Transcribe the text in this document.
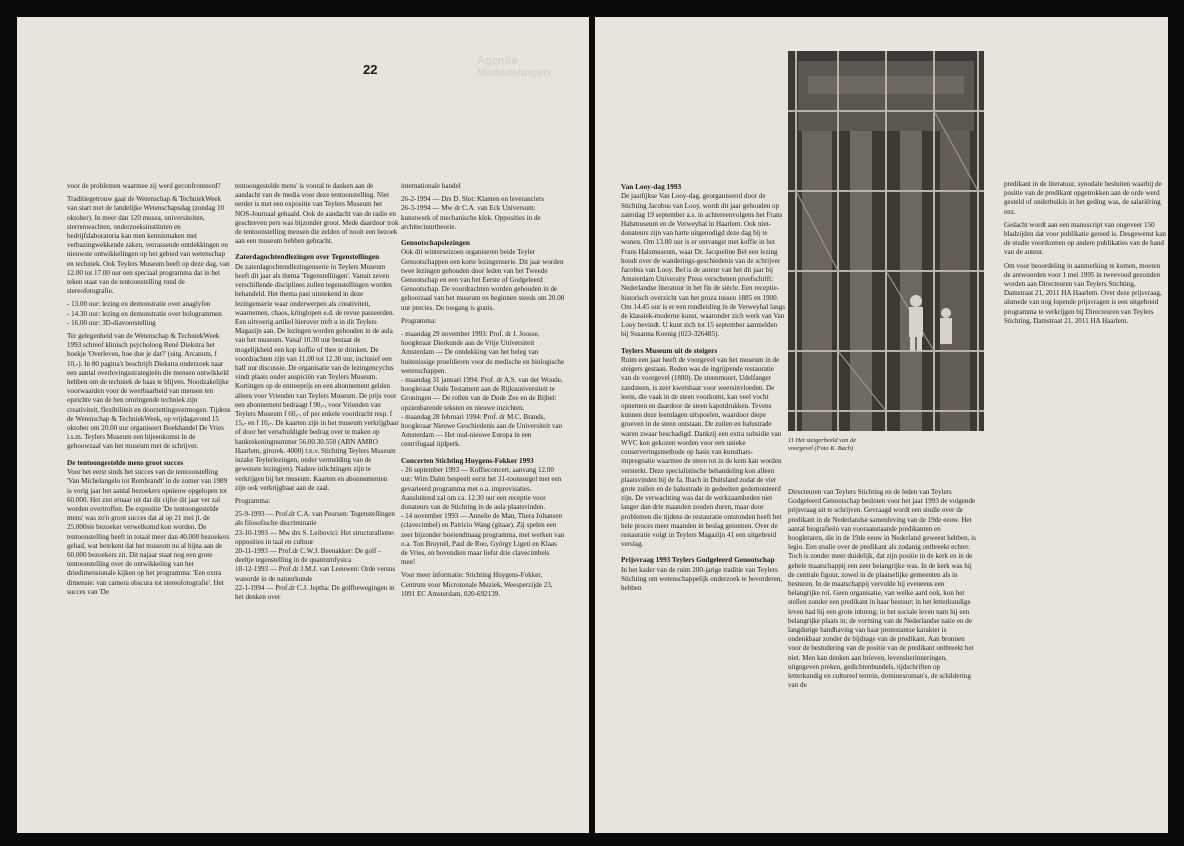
Agenda
Mededelingen
22

voor de problemen waarmee zij werd geconfronteerd?

Traditiegetrouw gaat de Wetenschap & TechniekWeek van start met de landelijke Wetenschapsdag (zondag 10 oktober). In meer dan 120 musea, universiteiten, sterrenwachten, onderzoeksinstituten en bedrijfslaboratoria kan men kennismaken met verbazingwekkende zaken, verrassende ontdekkingen en nieuwste ontwikkelingen op het gebied van wetenschap en techniek. Ook Teylers Museum heeft op deze dag, van 12.00 tot 17.00 uur een speciaal programma dat in het teken staat van de tentoonstelling rond de stereofotografie.

- 13.00 uur: lezing en demonstratie over anaglyfen
- 14.30 uur: lezing en demonstratie over hologrammen
- 16.00 uur: 3D-diavoorstelling

Ter gelegenheid van de Wetenschap & TechniekWeek 1993 schreef klinisch psycholoog René Diekstra het boekje 'Overleven, hoe doe je dat?' (uitg. Arcanum, f 10,-). In 80 pagina's beschrijft Diekstra onderzoek naar een aantal overlevingsstrategieën die mensen ontwikkeld hebben om de techniek de baas te blijven. Noodzakelijke voorwaarden voor de weerbaarheid van mensen ten opzichte van de hen omringende techniek zijn creativiteit, flexibiliteit en doorzettingsvermogen. Tijdens de Wetenschap & TechniekWeek, op vrijdagavond 15 oktober om 20.00 uur organiseert Boekhandel De Vries i.s.m. Teylers Museum een bijeenkomst in de gebouwzaal van het museum met de schrijver.

De tentoongestelde mens groot succes

Voor het eerst sinds het succes van de tentoonstelling 'Van Michelangelo tot Rembrandt' in de zomer van 1989 is vorig jaar het aantal bezoekers opnieuw opgelopen tot 60.000. Het ziet ernaar uit dat dit cijfer dit jaar ver zal worden overtroffen. De expositie 'De tentoongestelde mens' was zo'n groot succes dat al op 21 mei jl. de 25.000ste bezoeker verwelkomd kon worden. De tentoonstelling heeft in totaal meer dan 40.000 bezoekers gehad, wat betekent dat het museum nu al bijna aan de 60.000 bezoekers zit. Dit najaar staat nog een grote tentoonstelling over de ontwikkeling van het driedimensionale kijken op het programma: 'Een extra dimensie: van camera obscura tot stereofotografie'. Het succes van 'De

tentoongestelde mens' is vooral te danken aan de aandacht van de media voor deze tentoonstelling. Niet eerder is met een expositie van Teylers Museum het NOS-Journaal gehaald. Ook de aandacht van de radio en geschreven pers was bijzonder groot. Mede daardoor trok de tentoonstelling mensen die zelden of nooit een bezoek aan een museum hebben gebracht.

Zaterdagochtendlezingen over Tegenstellingen

De zaterdagochtendlezingenserie in Teylers Museum heeft dit jaar als thema 'Tegenstellingen'. Vanuit zeven verschillende disciplines zullen tegenstellingen worden behandeld. Het thema past uitstekend in deze lezingenserie waar onderwerpen als creativiteit, waarnemen, chaos, kringlopen e.d. de revue passeerden. Een uitvoerig artikel hierover treft u in dit Teylers Magazijn aan. De lezingen worden gehouden in de aula van het museum. Vanaf 10.30 uur bestaat de mogelijkheid een kop koffie of thee te drinken. De voordrachten zijn van 11.00 tot 12.30 uur, inclusief een half uur discussie. De organisatie van de lezingencyclus vindt plaats onder auspiciën van Teylers Museum. Kortingen op de entreeprijs en een abonnement gelden alleen voor Vrienden van Teylers Museum. De prijs voor een abonnement bedraagt f 90,-, voor Vrienden van Teylers Museum f 60,-, of per enkele voordracht resp. f 15,- en f 10,-. De kaarten zijn in het museum verkrijgbaar of door het verschuldigde bedrag over te maken op bankrekeningnummer 56.00.30.550 (ABN AMRO Haarlem, girorek. 4000) t.n.v. Stichting Teylers Museum inzake Teylerlezingen, onder vermelding van de gewenste lezing(en). Nadere inlichtingen zijn te verkrijgen bij het museum. Kaarten en abonnementen zijn ook verkrijgbaar aan de zaal.

Programma:

25-9-1993 — Prof.dr C.A. van Peursen: Tegenstellingen als filosofische discriminatie
23-10-1993 — Mw drs S. Leibovici: Het structuralisme: opposities in taal en cultuur
20-11-1993 — Prof.dr C.W.J. Beenakker: De golf - deeltje tegenstelling in de quantumfysica
18-12-1993 — Prof.dr J.M.J. van Leeuwen: Orde versus wanorde in de natuurkunde
22-1-1994 — Prof.dr C.J. Jeptha: De golfbewegingen in het denken over

internationale handel

26-2-1994 — Drs D. Slot: Klanten en leveranciers
26-3-1994 — Mw dr C.A. van Eck Universum: kunstwerk of mechanische klok. Opposities in de architectuurtheorie.

Genootschapslezingen

Ook dit winterseizoen organiseren beide Teyler Genootschappen een korte lezingenserie. Dit jaar worden twee lezingen gehouden door leden van het Tweede Genootschap en een van het Eerste of Godgeleerd Genootschap. De voordrachten worden gehouden in de gehoorzaal van het museum en beginnen steeds om 20.00 uur precies. De toegang is gratis.

Programma:

- maandag 29 november 1993: Prof. dr J. Joosse, hoogleraar Dierkunde aan de Vrije Universiteit Amsterdam — De ontdekking van het beleg van buitenissige proefdieren voor de medische en biologische wetenschappen.
- maandag 31 januari 1994: Prof. dr A.S. van der Woude, hoogleraar Oude Testament aan de Rijksuniversiteit te Groningen — De rollen van de Dode Zee en de Bijbel: opzienbarende teksten en nieuwe inzichten.
- maandag 28 februari 1994: Prof. dr M.C. Brands, hoogleraar Nieuwe Geschiedenis aan de Universiteit van Amsterdam — Het oud-nieuwe Europa in een centrifugaal tijdperk.

Concerten Stichting Huygens-Fokker 1993

- 26 september 1993 — Koffieconcert, aanvang 12.00 uur: Wim Dalm bespeelt eerst het 31-toonsorgel met een gevarieerd programma met o.a. improvisaties. Aansluitend zal om ca. 12.30 uur een receptie voor donateurs van de Stichting in de aula plaatsvinden.
- 14 november 1993 — Annelie de Man, Thera Johansen (clavecimbel) en Patricio Wang (gitaar). Zij spelen een zeer bijzonder boeiendmaag programma, met werken van o.a. Ton Bruynèl, Paul de Roo, György Ligeti en Klaas de Vries, en bovendien maar liefst drie clavecimbels mee!

Voor meer informatie: Stichting Huygens-Fokker, Centrum voor Microtonale Muziek, Weesperzijde 23, 1091 EC Amsterdam, 020-692139.

Van Looy-dag 1993

De jaarlijkse Van Looy-dag, georganiseerd door de Stichting Jacobus van Looy, wordt dit jaar gehouden op zaterdag 19 september a.s. in achtereenvolgens het Frans Halsmuseum en de Verweyhal in Haarlem. Ook niet-donateurs zijn van harte uitgenodigd deze dag bij te wonen. Om 13.00 uur is er ontvangst met koffie in het Frans Halsmuseum, waar Dr. Jacqueline Bel een lezing houdt over de wanderings-geschiedenis van de schrijver Jacobus van Looy. Bel is de auteur van het dit jaar bij Amsterdam University Press verschenen proefschrift: Nederlandse literatuur in het fin de siècle. Een receptie-historisch overzicht van het proza tussen 1885 en 1900. Om 14.45 uur is er een rondleiding in de Verweyhal langs de klassiek-moderne kunst, waaronder zich werk van Van Looy bevindt. U kunt zich tot 15 september aanmelden bij Susanna Koenig (023-326485).

Teylers Museum uit de steigers

Ruim een jaar heeft de voorgevel van het museum in de steigers gestaan. Reden was de ingrijpende restauratie van de voorgevel (1880). De steenmoort, Udelfanger zandsteen, is zeer kwetsbaar voor weersinvloeden. De leem, die vaak in de steen voorkomt, kan veel vocht opnemen en daardoor de steen kapotdrukken. Tevens kunnen deze leemlagen uitspoelen, waardoor diepe groeven in de steen ontstaan. De zuilen en balustrade waren zwaar beschadigd. Dankzij een extra subsidie van WVC kon gekozen worden voor een unieke conserveringsmethode op basis van kunsthars-impregnatie waarmee de steen tot in de kern kan worden versterkt. Deze specialistische behandeling kon alleen plaatsvinden bij de fa. Ibach in Duitsland zodat de vier grote zuilen en de balustrade in gedeelten gedemonteerd zijn. De verwachting was dat de werkzaamheden niet langer dan drie maanden zouden duren, maar door problemen die tijdens de restauratie ontstonden heeft het hele proces meer maanden in beslag genomen. Over de restauratie volgt in Teylers Magazijn 41 een uitgebreid verslag.

Prijsvraag 1993 Teylers Godgeleerd Genootschap

In het kader van de ruim 200-jarige traditie van Teylers Stichting om wetenschappelijk onderzoek te bevorderen, hebben

11 Het steigerbeeld van de voorgevel (Foto K. Bach)

Directeuren van Teylers Stichting en de leden van Teylers Godgeleerd Genootschap besloten voor het jaar 1993 de volgende prijsvraag uit te schrijven. Gevraagd wordt een studie over de predikant in de Nederlandse samenleving van de 19de eeuw. Het aantal biografieën van vooraanstaande predikanten en hoogleraren, die in de 19de eeuw in Nederland geweest hebben, is legio. Een studie over de predikant als zodanig ontbreekt echter. Toch is zonder meer duidelijk, dat zijn positie in de kerk en in de gehele maatschappij een zeer belangrijke was. In de kerk was hij de centrale figuur, zowel in de plaatselijke gemeenten als in besturen. In de maatschappij vervulde hij eveneens een belangrijke rol. Geen organisatie, van welke aard ook, kon het stellen zonder een predikant in haar bestuur; in het letterkundige leven had hij een grote inbreng; in het sociale leven nam hij een belangrijke plaats in; de vorming van de Nederlandse natie en de langdurige handhaving van haar protestantse karakter is ondenkbaar zonder de bijdrage van de predikant. Aan bronnen voor de bestudering van de positie van de predikant ontbreekt het niet. Men kan denken aan brieven, levensherinneringen, uitgegeven preken, gedichtenbundels, tijdschriften op letterkundig en cultureel terrein, dominesroman's, de schildering van de

predikant in de literatuur, synodale besluiten waarbij de positie van de predikant opgetrokken aan de orde werd gesteld of onderbuikis in het geding was, de salariëring enz.

Gedacht wordt aan een manuscript van ongeveer 150 bladzijden dat voor publikatie gereed is. Desgewenst kan de studie voortkomen op andere publikaties van de hand van de auteur.

Om voor beoordeling in aanmerking te komen, moeten de antwoorden voor 1 mei 1995 in tweevoud gezonden worden aan Directeuren van Teylers Stichting, Damstraat 21, 2011 HA Haarlem. Over deze prijsvraag, alsmede van nog lopende prijsvragen is een uitgebreid programma te verkrijgen bij Directeuren van Teylers Stichting, Damstraat 21, 2011 HA Haarlem.
